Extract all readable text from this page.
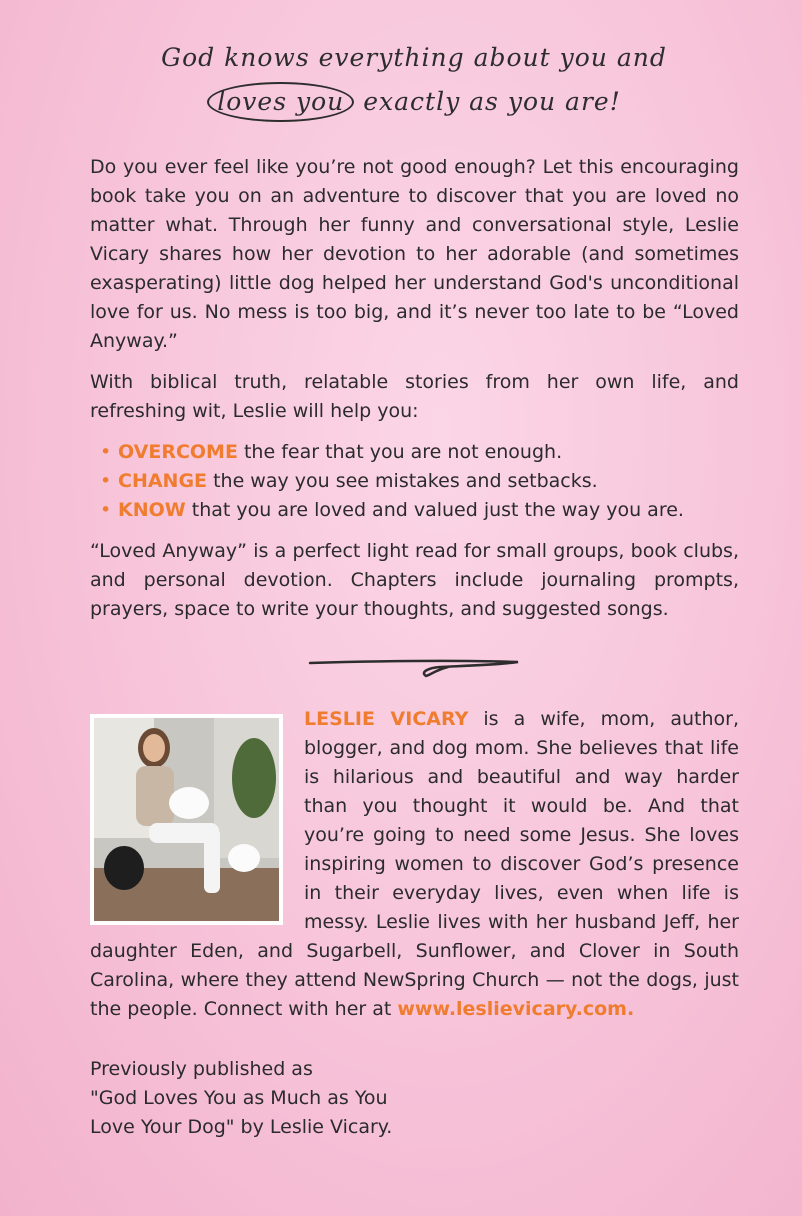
God knows everything about you and
loves you exactly as you are!

Do you ever feel like you’re not good enough? Let this encouraging book take you on an adventure to discover that you are loved no matter what. Through her funny and conversational style, Leslie Vicary shares how her devotion to her adorable (and sometimes exasperating) little dog helped her understand God's unconditional love for us. No mess is too big, and it’s never too late to be “Loved Anyway.”

With biblical truth, relatable stories from her own life, and refreshing wit, Leslie will help you:

• OVERCOME the fear that you are not enough.
• CHANGE the way you see mistakes and setbacks.
• KNOW that you are loved and valued just the way you are.

“Loved Anyway” is a perfect light read for small groups, book clubs, and personal devotion. Chapters include journaling prompts, prayers, space to write your thoughts, and suggested songs.

LESLIE VICARY is a wife, mom, author, blogger, and dog mom. She believes that life is hilarious and beautiful and way harder than you thought it would be. And that you’re going to need some Jesus. She loves inspiring women to discover God’s presence in their everyday lives, even when life is messy. Leslie lives with her husband Jeff, her daughter Eden, and Sugarbell, Sunflower, and Clover in South Carolina, where they attend NewSpring Church — not the dogs, just the people. Connect with her at www.leslievicary.com.
Previously published as
"God Loves You as Much as You
Love Your Dog" by Leslie Vicary.
